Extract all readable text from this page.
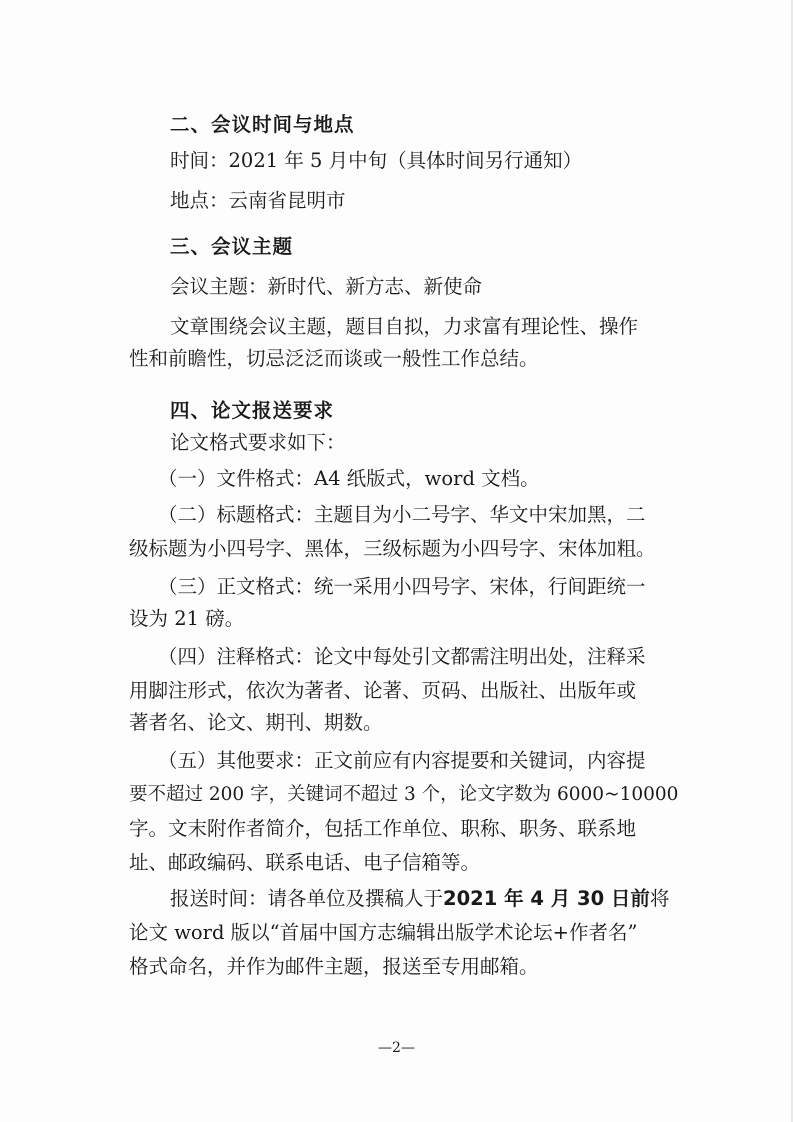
二、会议时间与地点
时间：2021 年 5 月中旬（具体时间另行通知）
地点：云南省昆明市
三、会议主题
会议主题：新时代、新方志、新使命
文章围绕会议主题，题目自拟，力求富有理论性、操作
性和前瞻性，切忌泛泛而谈或一般性工作总结。
四、论文报送要求
论文格式要求如下：
（一）文件格式：A4 纸版式，word 文档。
（二）标题格式：主题目为小二号字、华文中宋加黑，二
级标题为小四号字、黑体，三级标题为小四号字、宋体加粗。
（三）正文格式：统一采用小四号字、宋体，行间距统一
设为 21 磅。
（四）注释格式：论文中每处引文都需注明出处，注释采
用脚注形式，依次为著者、论著、页码、出版社、出版年或
著者名、论文、期刊、期数。
（五）其他要求：正文前应有内容提要和关键词，内容提
要不超过 200 字，关键词不超过 3 个，论文字数为 6000~10000
字。文末附作者简介，包括工作单位、职称、职务、联系地
址、邮政编码、联系电话、电子信箱等。
报送时间：请各单位及撰稿人于2021 年 4 月 30 日前将
论文 word 版以“首届中国方志编辑出版学术论坛+作者名”
格式命名，并作为邮件主题，报送至专用邮箱。
—2—
